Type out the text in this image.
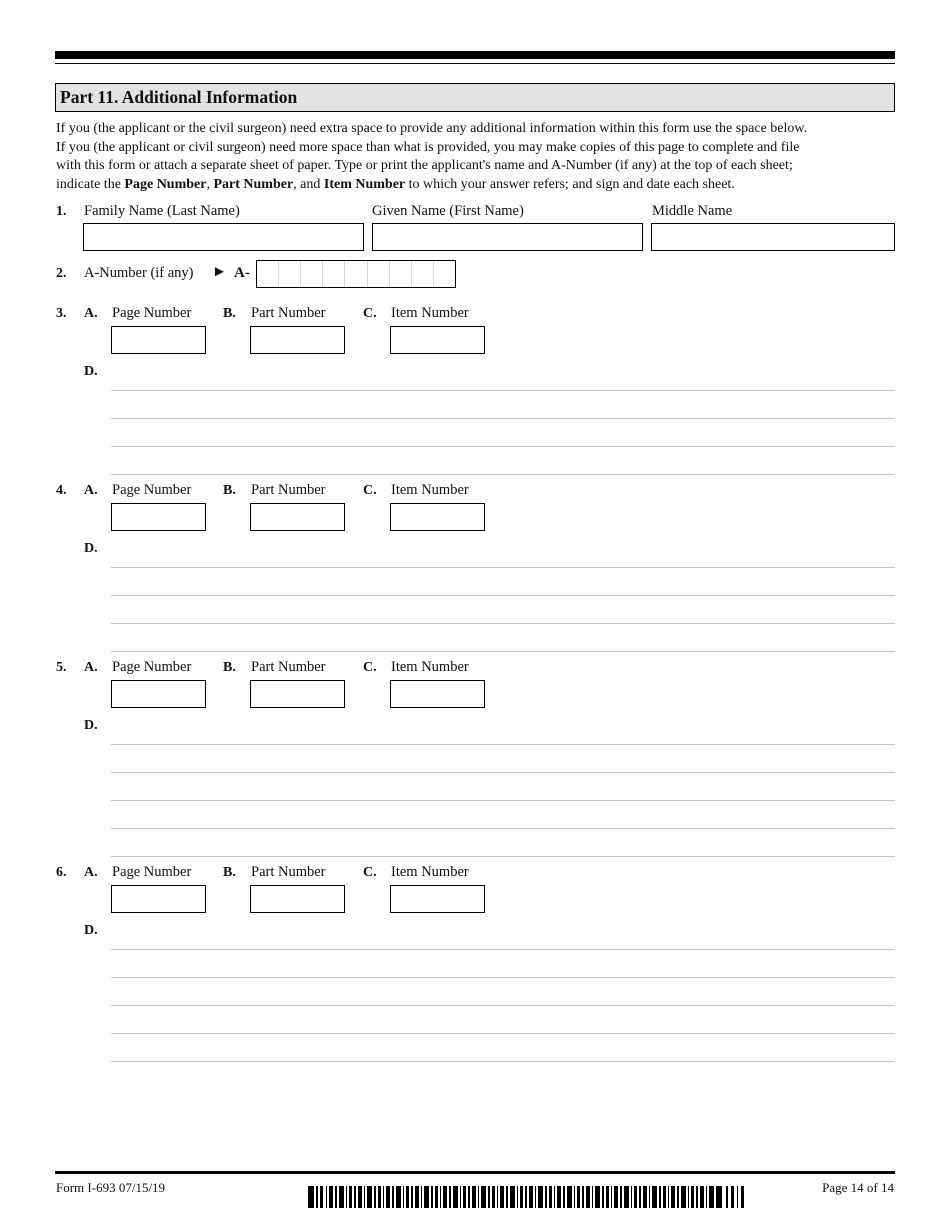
Part 11. Additional Information

If you (the applicant or the civil surgeon) need extra space to provide any additional information within this form use the space below.

If you (the applicant or civil surgeon) need more space than what is provided, you may make copies of this page to complete and file

with this form or attach a separate sheet of paper. Type or print the applicant's name and A-Number (if any) at the top of each sheet;

indicate the Page Number, Part Number, and Item Number to which your answer refers; and sign and date each sheet.

1. Family Name (Last Name)	Given Name (First Name)	Middle Name
2. A-Number (if any) ► A-
3. A. Page Number B. Part Number	C. Item Number
D.
4. A. Page Number B. Part Number	C. Item Number
D.
5. A. Page Number B. Part Number	C. Item Number
D.
6. A. Page Number B. Part Number	C. Item Number
D.
Form I-693 07/15/19	Page 14 of 14
